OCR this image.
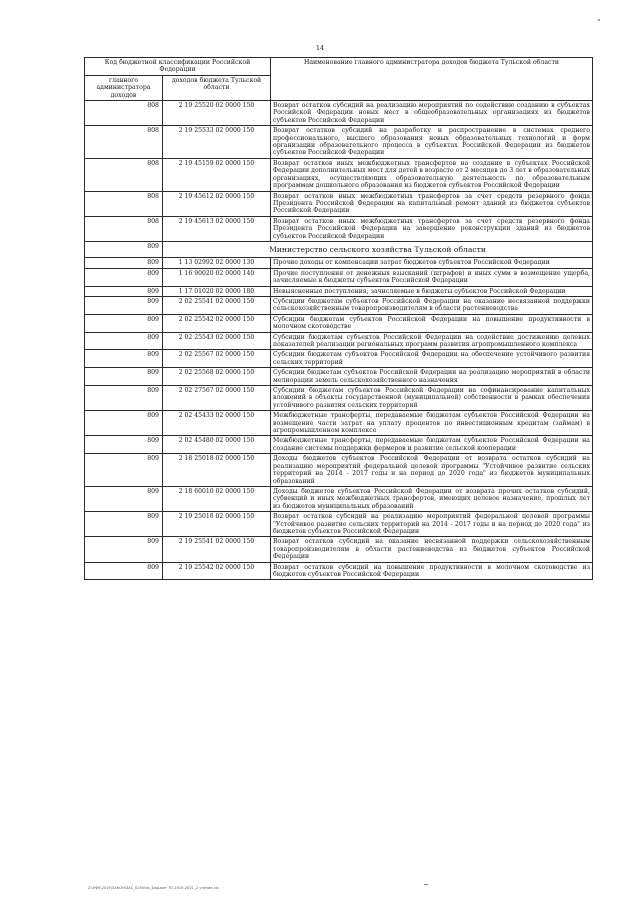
14
Код бюджетной классификации Российской Федерации		Наименование главного администратора доходов бюджета Тульской области
главного администратора доходов	доходов бюджета Тульской области	
808	2 19 25520 02 0000 150	Возврат остатков субсидий на реализацию мероприятий по содействию созданию в субъектах Российской Федерации новых мест в общеобразовательных организациях из бюджетов субъектов Российской Федерации
808	2 19 25533 02 0000 150	Возврат остатков субсидий на разработку и распространение в системах среднего профессионального, высшего образования новых образовательных технологий и форм организации образовательного процесса в субъектах Российской Федерации из бюджетов субъектов Российской Федерации
808	2 19 45159 02 0000 150	Возврат остатков иных межбюджетных трансфертов на создание в субъектах Российской Федерации дополнительных мест для детей в возрасте от 2 месяцев до 3 лет в образовательных организациях, осуществляющих образовательную деятельность по образовательным программам дошкольного образования из бюджетов субъектов Российской Федерации
808	2 19 45612 02 0000 150	Возврат остатков иных межбюджетных трансфертов за счет средств резервного фонда Президента Российской Федерации на капитальный ремонт зданий из бюджетов субъектов Российской Федерации
808	2 19 45613 02 0000 150	Возврат остатков иных межбюджетных трансфертов за счет средств резервного фонда Президента Российской Федерации на завершение реконструкции зданий из бюджетов субъектов Российской Федерации
809	Министерство сельского хозяйства Тульской области	
809	1 13 02992 02 0000 130	Прочие доходы от компенсации затрат бюджетов субъектов Российской Федерации
809	1 16 90020 02 0000 140	Прочие поступления от денежных взысканий (штрафов) и иных сумм в возмещение ущерба, зачисляемые в бюджеты субъектов Российской Федерации
809	1 17 01020 02 0000 180	Невыясненные поступления, зачисляемые в бюджеты субъектов Российской Федерации
809	2 02 25541 02 0000 150	Субсидии бюджетам субъектов Российской Федерации на оказание несвязанной поддержки сельскохозяйственным товаропроизводителям в области растениеводства
809	2 02 25542 02 0000 150	Субсидии бюджетам субъектов Российской Федерации на повышение продуктивности в молочном скотоводстве
809	2 02 25543 02 0000 150	Субсидии бюджетам субъектов Российской Федерации на содействие достижению целевых показателей реализации региональных программ развития агропромышленного комплекса
809	2 02 25567 02 0000 150	Субсидии бюджетам субъектов Российской Федерации на обеспечение устойчивого развития сельских территорий
809	2 02 25568 02 0000 150	Субсидии бюджетам субъектов Российской Федерации на реализацию мероприятий в области мелиорации земель сельскохозяйственного назначения
809	2 02 27567 02 0000 150	Субсидии бюджетам субъектов Российской Федерации на софинансирование капитальных вложений в объекты государственной (муниципальной) собственности в рамках обеспечения устойчивого развития сельских территорий
809	2 02 45433 02 0000 150	Межбюджетные трансферты, передаваемые бюджетам субъектов Российской Федерации на возмещение части затрат на уплату процентов по инвестиционным кредитам (займам) в агропромышленном комплексе
809	2 02 45480 02 0000 150	Межбюджетные трансферты, передаваемые бюджетам субъектов Российской Федерации на создание системы поддержки фермеров и развитие сельской кооперации
809	2 18 25018 02 0000 150	Доходы бюджетов субъектов Российской Федерации от возврата остатков субсидий на реализацию мероприятий федеральной целевой программы "Устойчивое развитие сельских территорий на 2014 - 2017 годы и на период до 2020 года" из бюджетов муниципальных образований
809	2 18 60010 02 0000 150	Доходы бюджетов субъектов Российской Федерации от возврата прочих остатков субсидий, субвенций и иных межбюджетных трансфертов, имеющих целевое назначение, прошлых лет из бюджетов муниципальных образований
809	2 19 25018 02 0000 150	Возврат остатков субсидий на реализацию мероприятий федеральной целевой программы "Устойчивое развитие сельских территорий на 2014 - 2017 годы и на период до 2020 года" из бюджетов субъектов Российской Федерации
809	2 19 25541 02 0000 150	Возврат остатков субсидий на оказание несвязанной поддержки сельскохозяйственным товаропроизводителям в области растениеводства из бюджетов субъектов Российской Федерации
809	2 19 25542 02 0000 150	Возврат остатков субсидий на повышение продуктивности в молочном скотоводстве из бюджетов субъектов Российской Федерации
Z:\УФУ\2019\ЗАКОН\ЗАС_0250\ex_Бюджет ТО 2019-2021_2 чтение.xls
